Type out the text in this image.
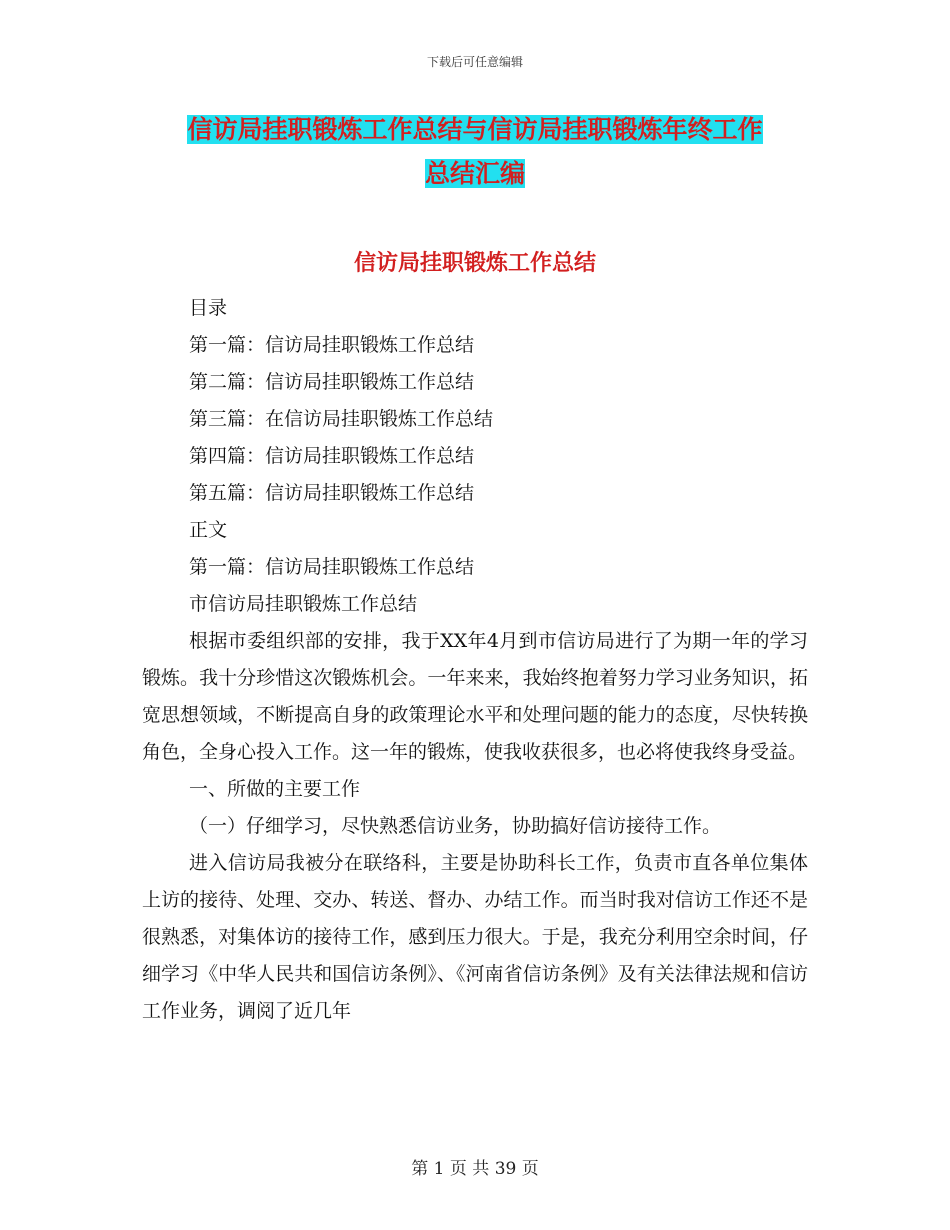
下载后可任意编辑
信访局挂职锻炼工作总结与信访局挂职锻炼年终工作
总结汇编
信访局挂职锻炼工作总结

目录

第一篇：信访局挂职锻炼工作总结

第二篇：信访局挂职锻炼工作总结

第三篇：在信访局挂职锻炼工作总结

第四篇：信访局挂职锻炼工作总结

第五篇：信访局挂职锻炼工作总结

正文

第一篇：信访局挂职锻炼工作总结

市信访局挂职锻炼工作总结

根据市委组织部的安排，我于XX年4月到市信访局进行了为期一年的学习锻炼。我十分珍惜这次锻炼机会。一年来来，我始终抱着努力学习业务知识，拓宽思想领域，不断提高自身的政策理论水平和处理问题的能力的态度，尽快转换角色，全身心投入工作。这一年的锻炼，使我收获很多，也必将使我终身受益。

一、所做的主要工作

（一）仔细学习，尽快熟悉信访业务，协助搞好信访接待工作。

进入信访局我被分在联络科，主要是协助科长工作，负责市直各单位集体上访的接待、处理、交办、转送、督办、办结工作。而当时我对信访工作还不是很熟悉，对集体访的接待工作，感到压力很大。于是，我充分利用空余时间，仔细学习《中华人民共和国信访条例》、《河南省信访条例》及有关法律法规和信访工作业务，调阅了近几年

第 1 页 共 39 页
